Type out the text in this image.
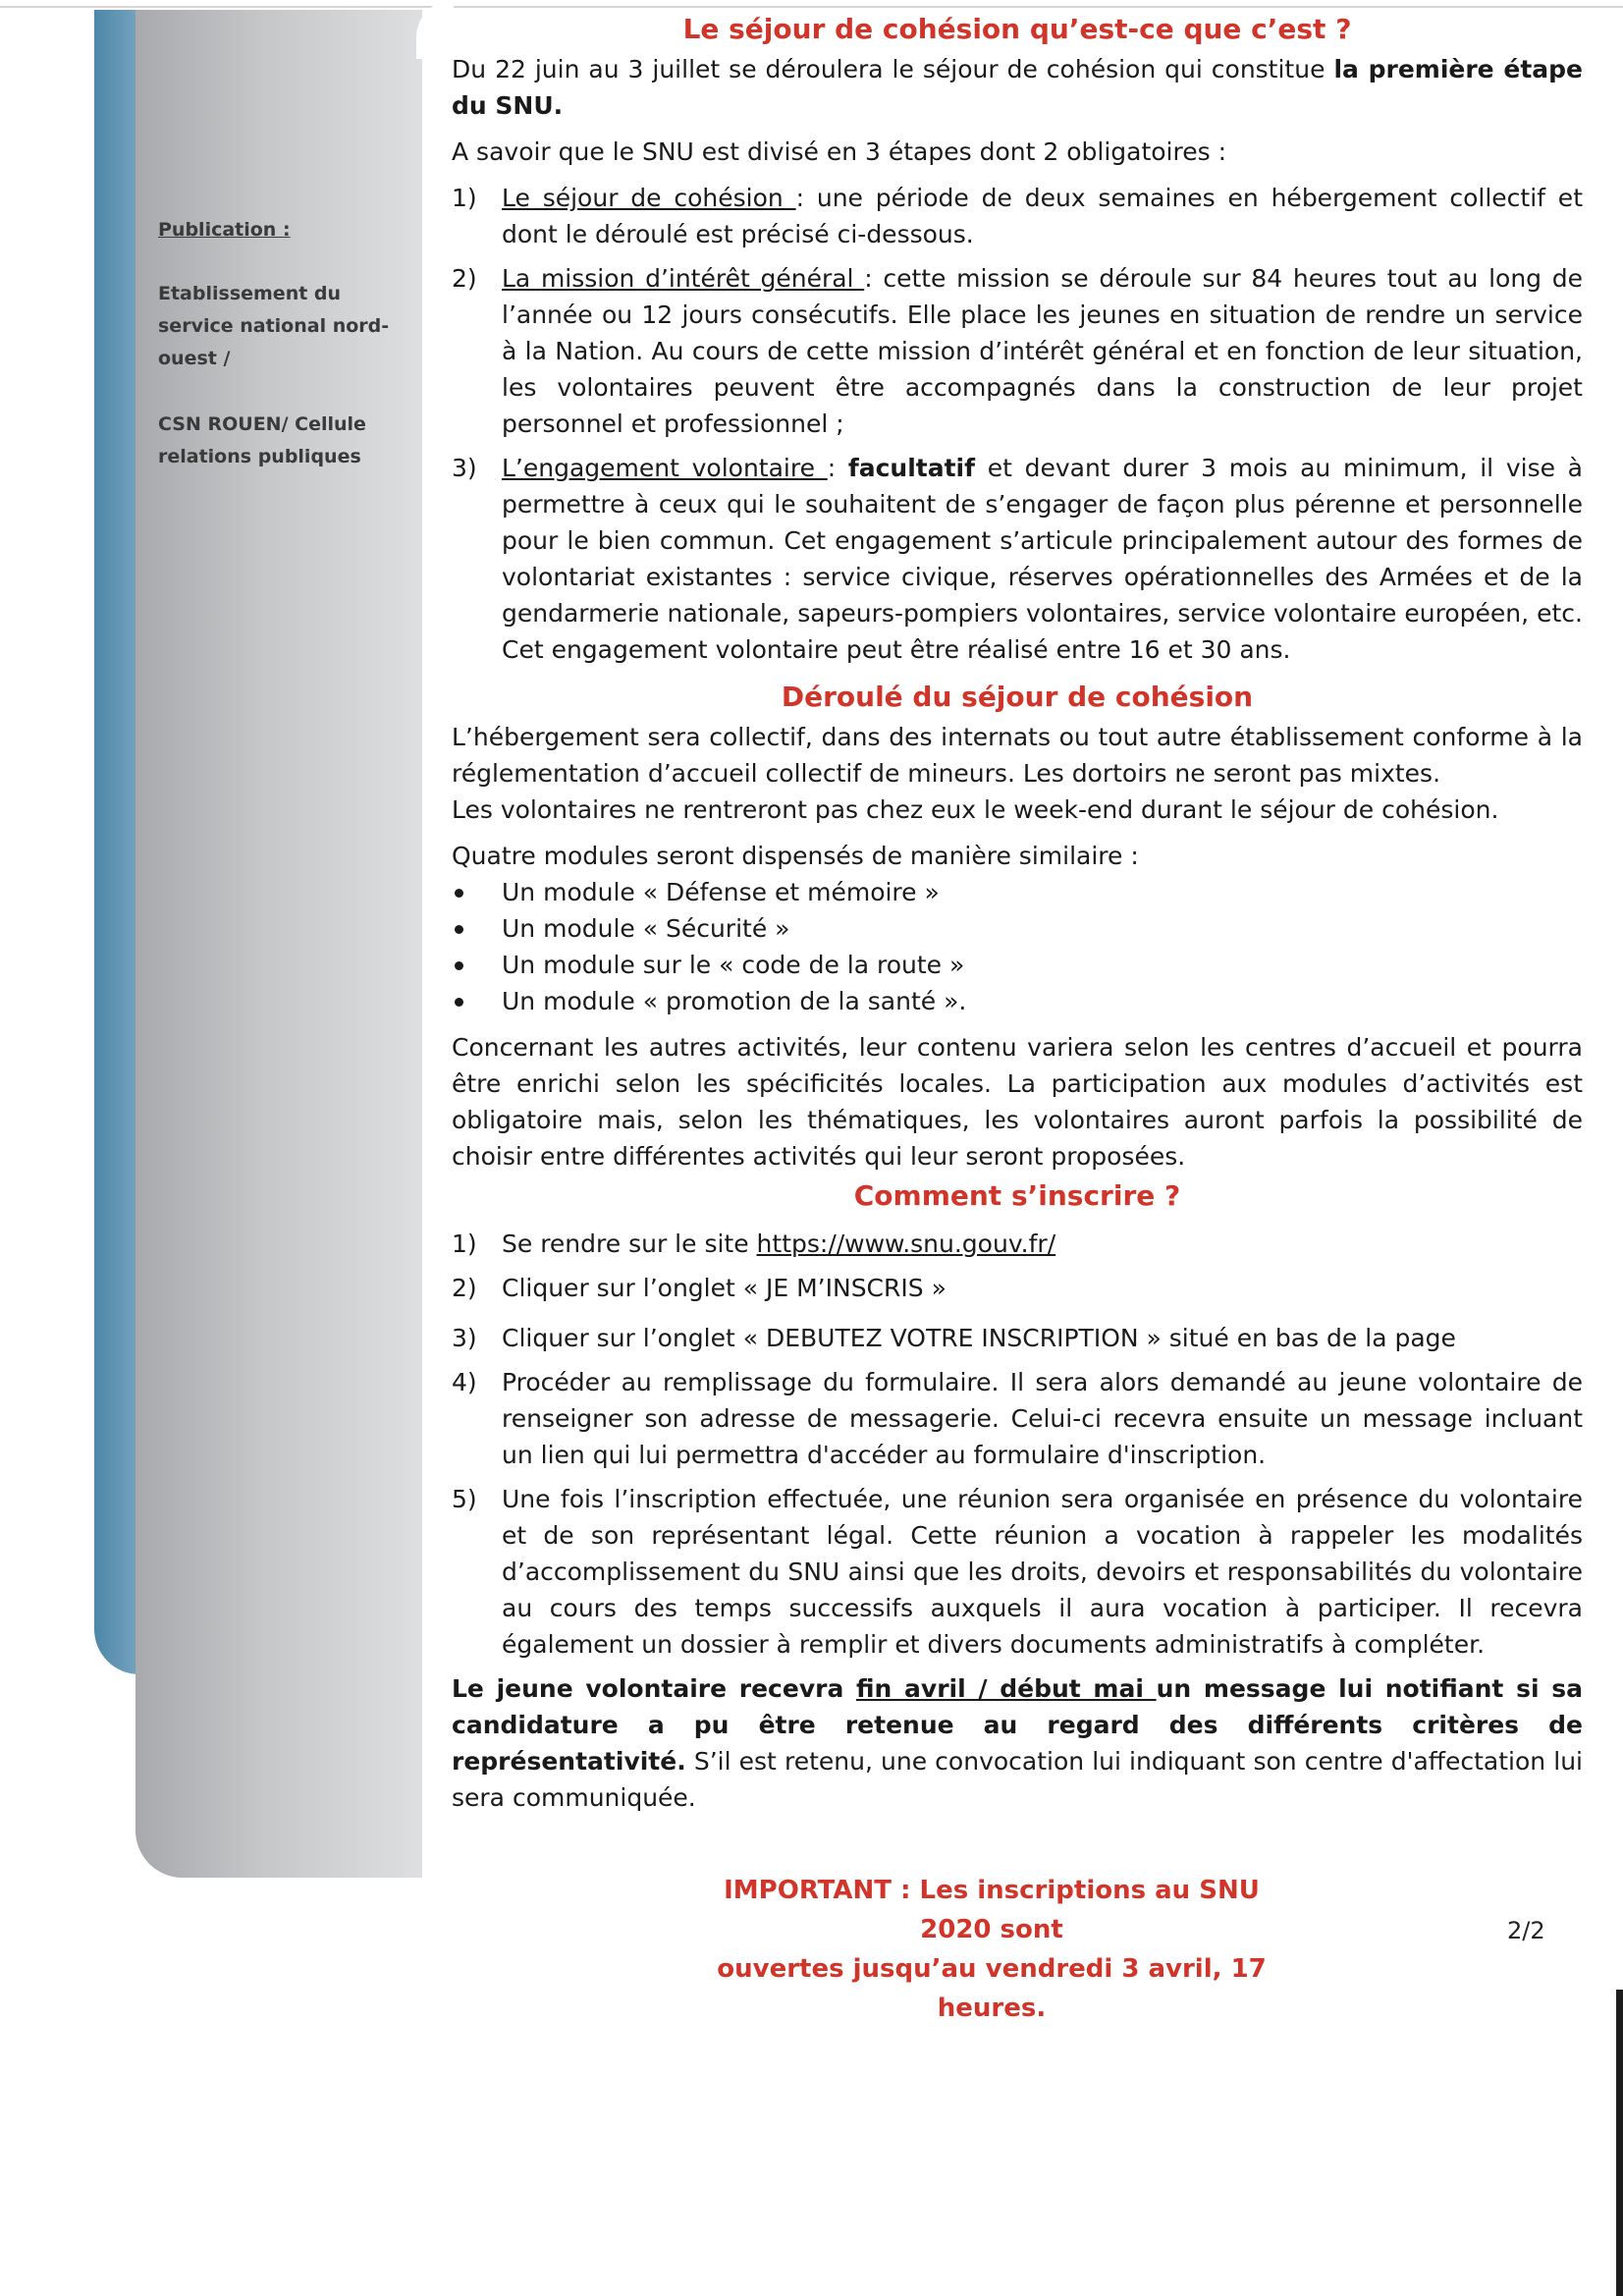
Publication :
Etablissement du service national nord-ouest /
CSN ROUEN/ Cellule relations publiques
Le séjour de cohésion qu’est-ce que c’est ?

Du 22 juin au 3 juillet se déroulera le séjour de cohésion qui constitue la première étape du SNU.

A savoir que le SNU est divisé en 3 étapes dont 2 obligatoires :

1) Le séjour de cohésion : une période de deux semaines en hébergement collectif et dont le déroulé est précisé ci-dessous.
2) La mission d’intérêt général : cette mission se déroule sur 84 heures tout au long de l’année ou 12 jours consécutifs. Elle place les jeunes en situation de rendre un service à la Nation. Au cours de cette mission d’intérêt général et en fonction de leur situation, les volontaires peuvent être accompagnés dans la construction de leur projet personnel et professionnel ;
3) L’engagement volontaire : facultatif et devant durer 3 mois au minimum, il vise à permettre à ceux qui le souhaitent de s’engager de façon plus pérenne et personnelle pour le bien commun. Cet engagement s’articule principalement autour des formes de volontariat existantes : service civique, réserves opérationnelles des Armées et de la gendarmerie nationale, sapeurs-pompiers volontaires, service volontaire européen, etc. Cet engagement volontaire peut être réalisé entre 16 et 30 ans.
Déroulé du séjour de cohésion

L’hébergement sera collectif, dans des internats ou tout autre établissement conforme à la réglementation d’accueil collectif de mineurs. Les dortoirs ne seront pas mixtes.

Les volontaires ne rentreront pas chez eux le week-end durant le séjour de cohésion.

Quatre modules seront dispensés de manière similaire :

Un module « Défense et mémoire »
Un module « Sécurité »
Un module sur le « code de la route »
Un module « promotion de la santé ».

Concernant les autres activités, leur contenu variera selon les centres d’accueil et pourra être enrichi selon les spécificités locales. La participation aux modules d’activités est obligatoire mais, selon les thématiques, les volontaires auront parfois la possibilité de choisir entre différentes activités qui leur seront proposées.

Comment s’inscrire ?
1) Se rendre sur le site https://www.snu.gouv.fr/
2) Cliquer sur l’onglet « JE M’INSCRIS »
3) Cliquer sur l’onglet « DEBUTEZ VOTRE INSCRIPTION » situé en bas de la page
4) Procéder au remplissage du formulaire. Il sera alors demandé au jeune volontaire de renseigner son adresse de messagerie. Celui-ci recevra ensuite un message incluant un lien qui lui permettra d'accéder au formulaire d'inscription.
5) Une fois l’inscription effectuée, une réunion sera organisée en présence du volontaire et de son représentant légal. Cette réunion a vocation à rappeler les modalités d’accomplissement du SNU ainsi que les droits, devoirs et responsabilités du volontaire au cours des temps successifs auxquels il aura vocation à participer. Il recevra également un dossier à remplir et divers documents administratifs à compléter.

Le jeune volontaire recevra fin avril / début mai un message lui notifiant si sa candidature a pu être retenue au regard des différents critères de représentativité. S’il est retenu, une convocation lui indiquant son centre d'affectation lui sera communiquée.

IMPORTANT : Les inscriptions au SNU 2020 sont
ouvertes jusqu’au vendredi 3 avril, 17 heures.
2/2
